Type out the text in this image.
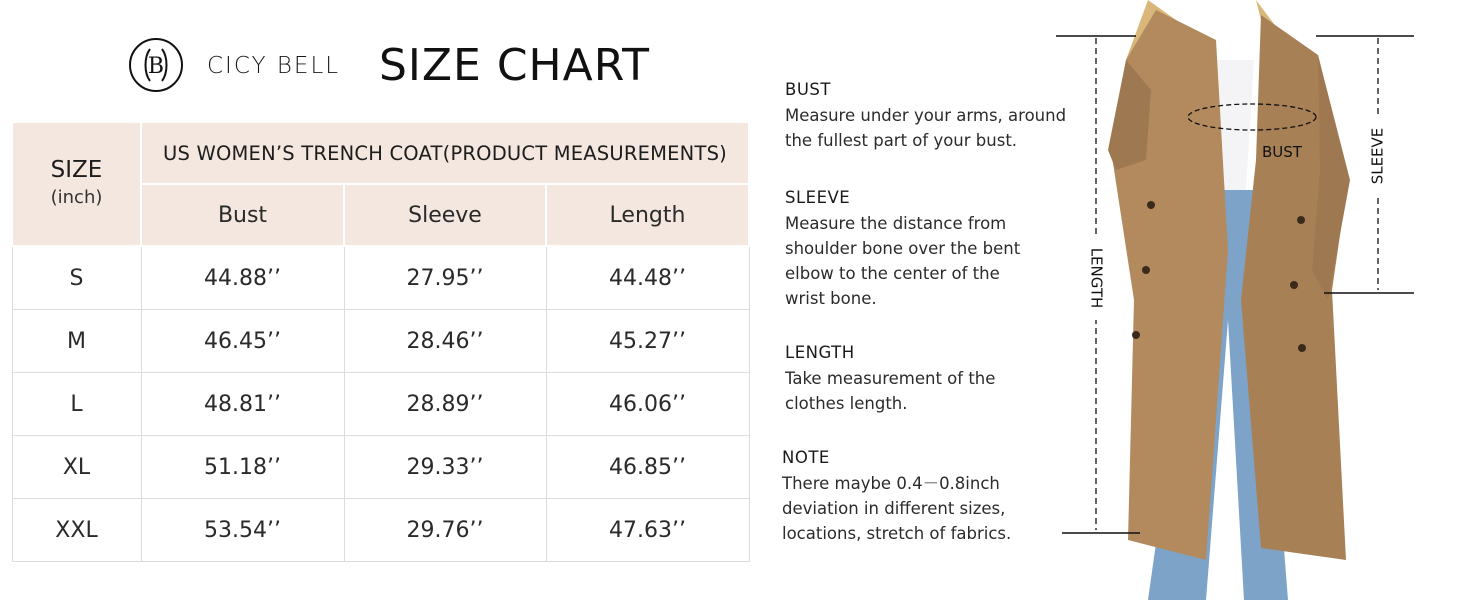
B CICY BELL SIZE CHART
SIZE
(inch)	US WOMEN’S TRENCH COAT(PRODUCT MEASUREMENTS)		
	Bust	Sleeve	Length
S	44.88’’	27.95’’	44.48’’
M	46.45’’	28.46’’	45.27’’
L	48.81’’	28.89’’	46.06’’
XL	51.18’’	29.33’’	46.85’’
XXL	53.54’’	29.76’’	47.63’’
BUST

Measure under your arms, around the fullest part of your bust.

SLEEVE

Measure the distance from shoulder bone over the bent elbow to the center of the wrist bone.

LENGTH

Take measurement of the clothes length.

NOTE

There maybe 0.4－0.8inch deviation in different sizes, locations, stretch of fabrics.

LENGTH
SLEEVE
BUST
